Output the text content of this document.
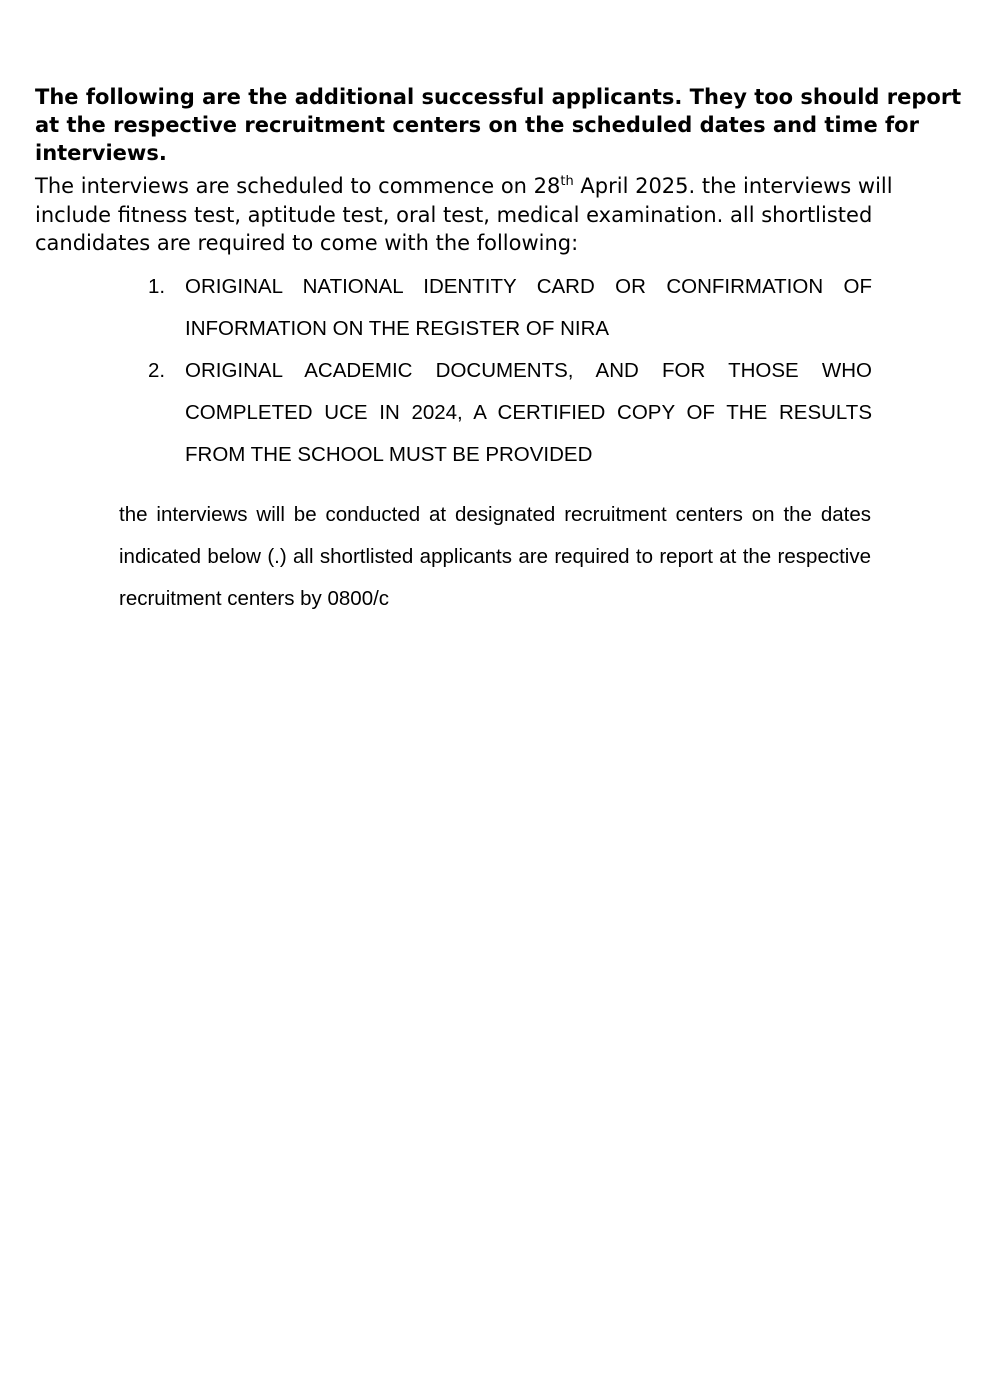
The following are the additional successful applicants. They too should report at the respective recruitment centers on the scheduled dates and time for interviews.

The interviews are scheduled to commence on 28th April 2025. the interviews will include fitness test, aptitude test, oral test, medical examination. all shortlisted candidates are required to come with the following:

1. ORIGINAL NATIONAL IDENTITY CARD OR CONFIRMATION OF INFORMATION ON THE REGISTER OF NIRA
2. ORIGINAL ACADEMIC DOCUMENTS, AND FOR THOSE WHO COMPLETED UCE IN 2024, A CERTIFIED COPY OF THE RESULTS FROM THE SCHOOL MUST BE PROVIDED

the interviews will be conducted at designated recruitment centers on the dates indicated below (.) all shortlisted applicants are required to report at the respective recruitment centers by 0800/c
